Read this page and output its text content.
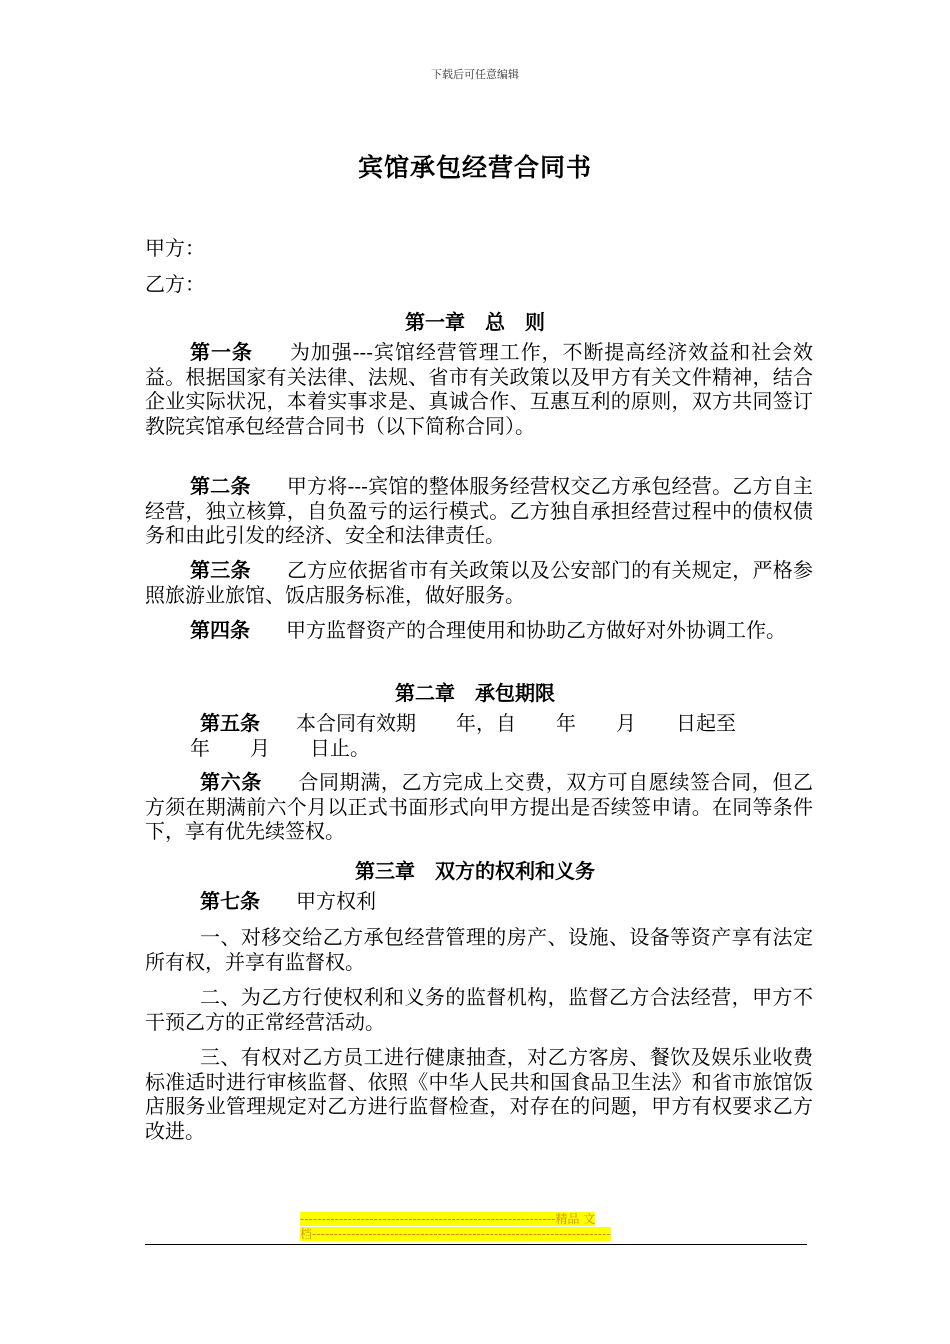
下载后可任意编辑
宾馆承包经营合同书
甲方：
乙方：
第一章　总　则
第一条 为加强---宾馆经营管理工作，不断提高经济效益和社会效益。根据国家有关法律、法规、省市有关政策以及甲方有关文件精神，结合企业实际状况，本着实事求是、真诚合作、互惠互利的原则，双方共同签订教院宾馆承包经营合同书（以下简称合同）。
第二条 甲方将---宾馆的整体服务经营权交乙方承包经营。乙方自主经营，独立核算，自负盈亏的运行模式。乙方独自承担经营过程中的债权债务和由此引发的经济、安全和法律责任。
第三条 乙方应依据省市有关政策以及公安部门的有关规定，严格参照旅游业旅馆、饭店服务标准，做好服务。
第四条 甲方监督资产的合理使用和协助乙方做好对外协调工作。
第二章　承包期限
第五条 本合同有效期　　年，自　　年　　月　　日起至
年　　月　　日止。
第六条 合同期满，乙方完成上交费，双方可自愿续签合同，但乙方须在期满前六个月以正式书面形式向甲方提出是否续签申请。在同等条件下，享有优先续签权。
第三章　双方的权利和义务
第七条 甲方权利
一、对移交给乙方承包经营管理的房产、设施、设备等资产享有法定所有权，并享有监督权。
二、为乙方行使权利和义务的监督机构，监督乙方合法经营，甲方不干预乙方的正常经营活动。
三、有权对乙方员工进行健康抽查，对乙方客房、餐饮及娱乐业收费标准适时进行审核监督、依照《中华人民共和国食品卫生法》和省市旅馆饭店服务业管理规定对乙方进行监督检查，对存在的问题，甲方有权要求乙方改进。
-----------------------------------------------------------精品 文
档---------------------------------------------------------------------
